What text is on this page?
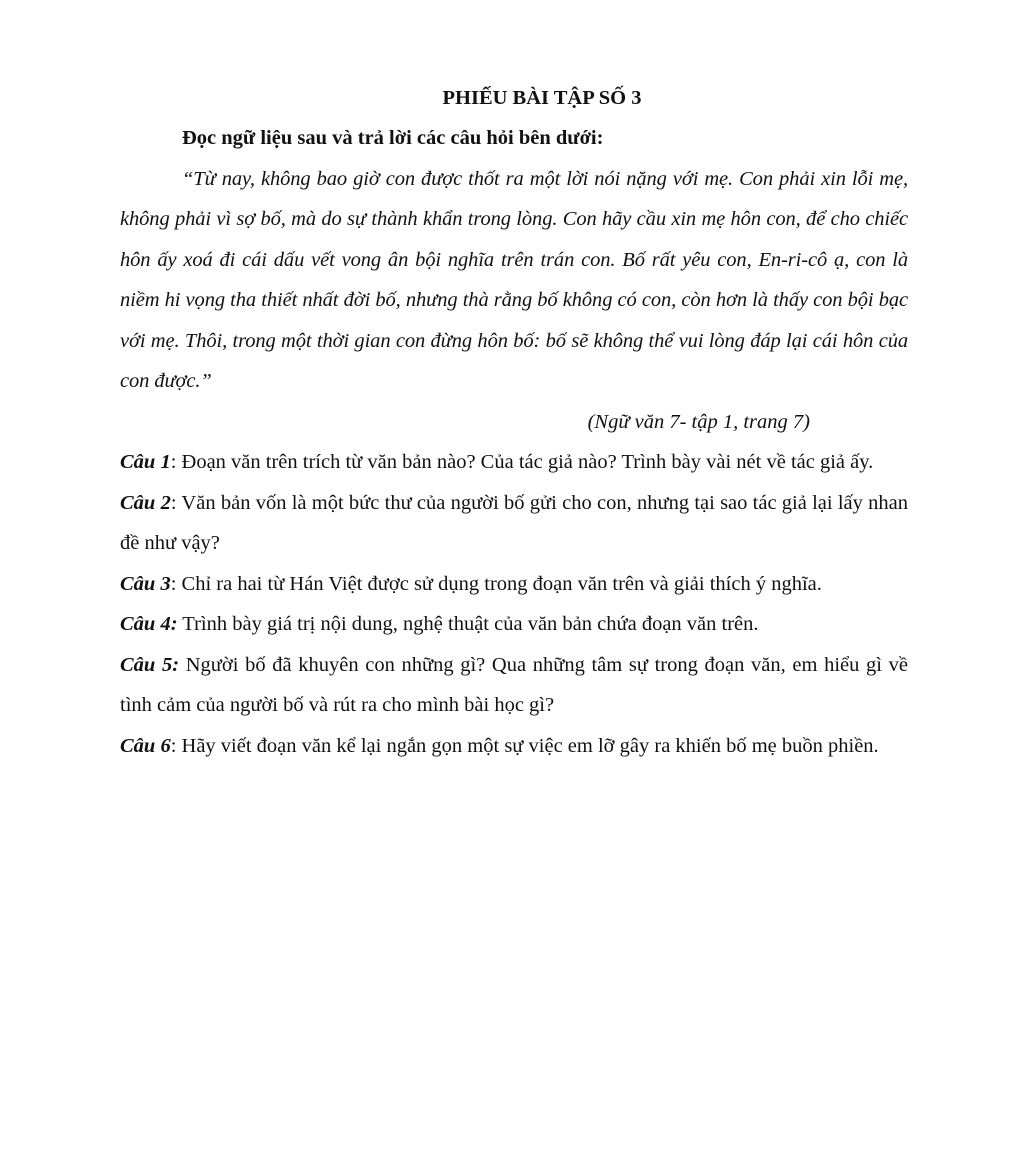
PHIẾU BÀI TẬP SỐ 3
Đọc ngữ liệu sau và trả lời các câu hỏi bên dưới:
“Từ nay, không bao giờ con được thốt ra một lời nói nặng với mẹ. Con phải xin lỗi mẹ, không phải vì sợ bố, mà do sự thành khẩn trong lòng. Con hãy cầu xin mẹ hôn con, để cho chiếc hôn ấy xoá đi cái dấu vết vong ân bội nghĩa trên trán con. Bố rất yêu con, En-ri-cô ạ, con là niềm hi vọng tha thiết nhất đời bố, nhưng thà rằng bố không có con, còn hơn là thấy con bội bạc với mẹ. Thôi, trong một thời gian con đừng hôn bố: bố sẽ không thể vui lòng đáp lại cái hôn của con được.”
(Ngữ văn 7- tập 1, trang 7)
Câu 1: Đoạn văn trên trích từ văn bản nào? Của tác giả nào? Trình bày vài nét về tác giả ấy.
Câu 2: Văn bản vốn là một bức thư của người bố gửi cho con, nhưng tại sao tác giả lại lấy nhan đề như vậy?
Câu 3: Chỉ ra hai từ Hán Việt được sử dụng trong đoạn văn trên và giải thích ý nghĩa.
Câu 4: Trình bày giá trị nội dung, nghệ thuật của văn bản chứa đoạn văn trên.
Câu 5: Người bố đã khuyên con những gì? Qua những tâm sự trong đoạn văn, em hiểu gì về tình cảm của người bố và rút ra cho mình bài học gì?
Câu 6: Hãy viết đoạn văn kể lại ngắn gọn một sự việc em lỡ gây ra khiến bố mẹ buồn phiền.
